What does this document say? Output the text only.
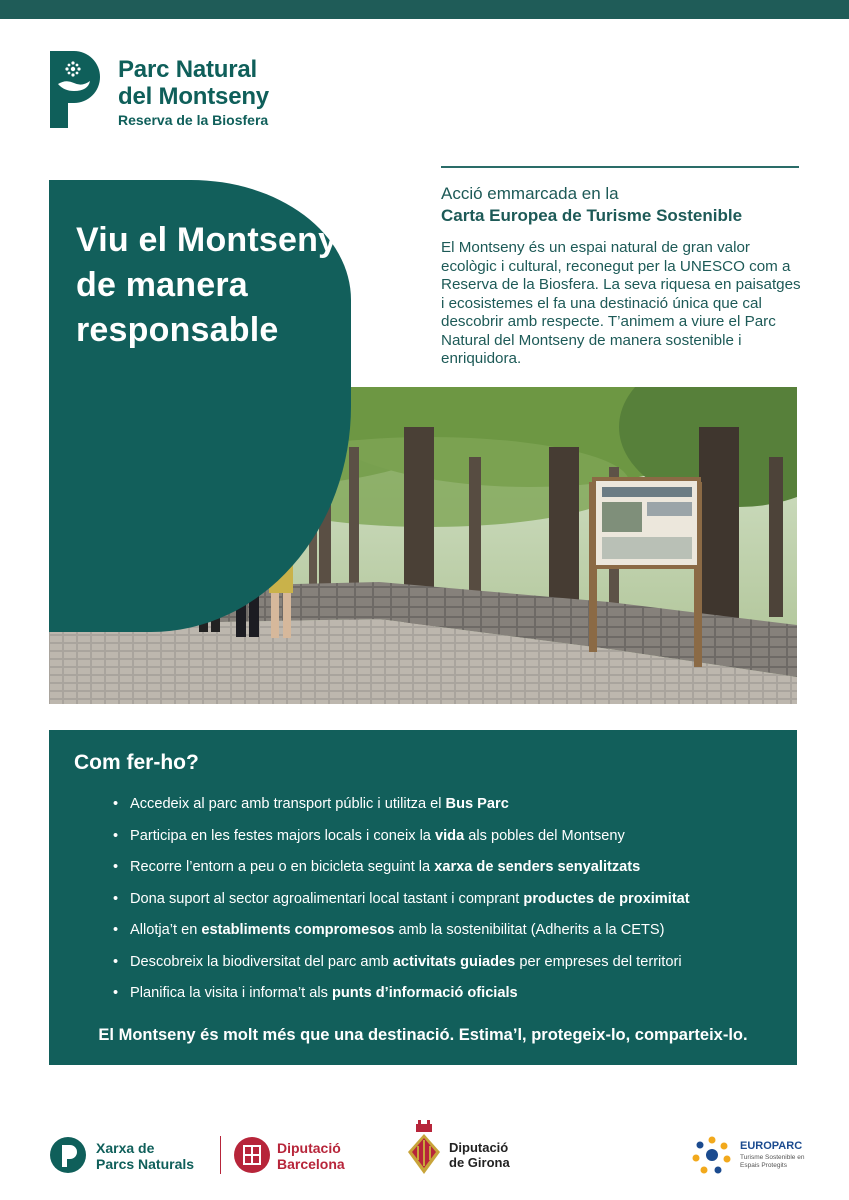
Parc Natural
del Montseny
Reserva de la Biosfera
Acció emmarcada en la
Carta Europea de Turisme Sostenible

El Montseny és un espai natural de gran valor ecològic i cultural, reconegut per la UNESCO com a Reserva de la Biosfera. La seva riquesa en paisatges i ecosistemes el fa una destinació única que cal descobrir amb respecte. T’animem a viure el Parc Natural del Montseny de manera sostenible i enriquidora.

Viu el Montseny de manera responsable
Com fer-ho?
• Accedeix al parc amb transport públic i utilitza el Bus Parc
• Participa en les festes majors locals i coneix la vida als pobles del Montseny
• Recorre l’entorn a peu o en bicicleta seguint la xarxa de senders senyalitzats
• Dona suport al sector agroalimentari local tastant i comprant productes de proximitat
• Allotja’t en establiments compromesos amb la sostenibilitat (Adherits a la CETS)
• Descobreix la biodiversitat del parc amb activitats guiades per empreses del territori
• Planifica la visita i informa’t als punts d’informació oficials

El Montseny és molt més que una destinació. Estima’l, protegeix-lo, comparteix-lo.

Xarxa de
Parcs Naturals
Diputació
Barcelona
Diputació
de Girona
EUROPARC
Turisme Sostenible en Espais Protegits
